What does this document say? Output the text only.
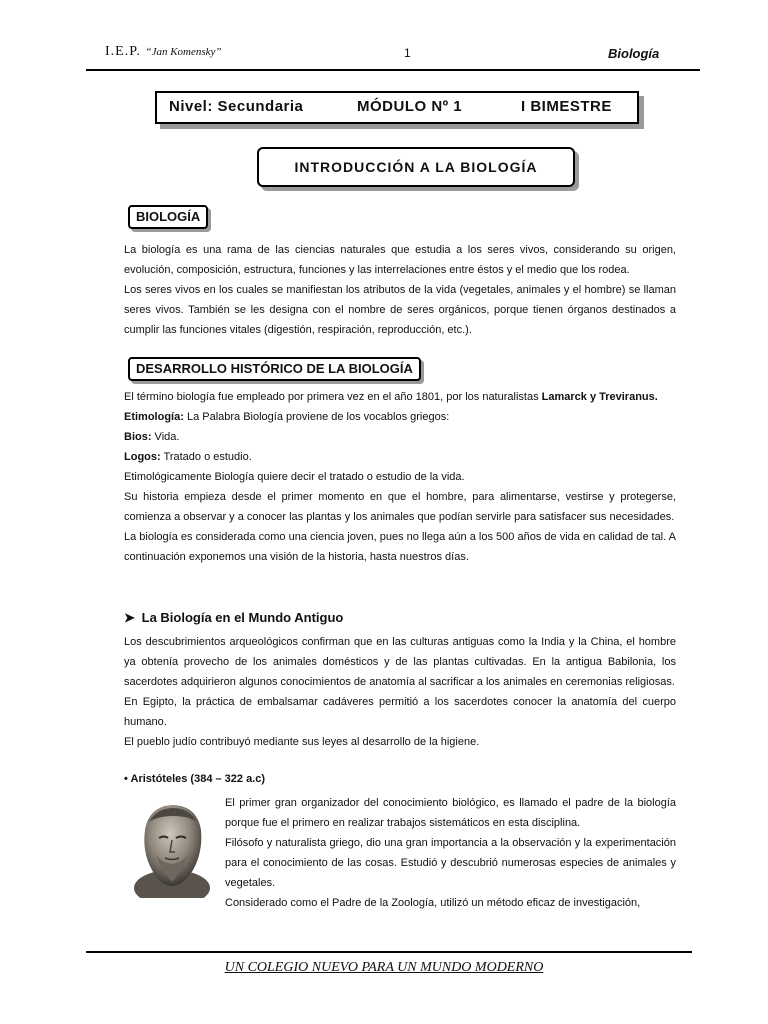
I.E.P. “Jan Komensky”	1	Biología
Nivel: Secundaria	MÓDULO Nº 1	I BIMESTRE
INTRODUCCIÓN A LA BIOLOGÍA
BIOLOGÍA

La biología es una rama de las ciencias naturales que estudia a los seres vivos, considerando su origen, evolución, composición, estructura, funciones y las interrelaciones entre éstos y el medio que los rodea.

Los seres vivos en los cuales se manifiestan los atributos de la vida (vegetales, animales y el hombre) se llaman seres vivos. También se les designa con el nombre de seres orgánicos, porque tienen órganos destinados a cumplir las funciones vitales (digestión, respiración, reproducción, etc.).

DESARROLLO HISTÓRICO DE LA BIOLOGÍA

El término biología fue empleado por primera vez en el año 1801, por los naturalistas Lamarck y Treviranus.

Etimología: La Palabra Biología proviene de los vocablos griegos:

Bios: Vida.

Logos: Tratado o estudio.

Etimológicamente Biología quiere decir el tratado o estudio de la vida.

Su historia empieza desde el primer momento en que el hombre, para alimentarse, vestirse y protegerse, comienza a observar y a conocer las plantas y los animales que podían servirle para satisfacer sus necesidades.

La biología es considerada como una ciencia joven, pues no llega aún a los 500 años de vida en calidad de tal. A continuación exponemos una visión de la historia, hasta nuestros días.

➤ La Biología en el Mundo Antiguo

Los descubrimientos arqueológicos confirman que en las culturas antiguas como la India y la China, el hombre ya obtenía provecho de los animales domésticos y de las plantas cultivadas. En la antigua Babilonia, los sacerdotes adquirieron algunos conocimientos de anatomía al sacrificar a los animales en ceremonias religiosas.

En Egipto, la práctica de embalsamar cadáveres permitió a los sacerdotes conocer la anatomía del cuerpo humano.

El pueblo judío contribuyó mediante sus leyes al desarrollo de la higiene.

• Aristóteles (384 – 322 a.c)

El primer gran organizador del conocimiento biológico, es llamado el padre de la biología porque fue el primero en realizar trabajos sistemáticos en esta disciplina.

Filósofo y naturalista griego, dio una gran importancia a la observación y la experimentación para el conocimiento de las cosas. Estudió y descubrió numerosas especies de animales y vegetales.

Considerado como el Padre de la Zoología, utilizó un método eficaz de investigación,

UN COLEGIO NUEVO PARA UN MUNDO MODERNO
